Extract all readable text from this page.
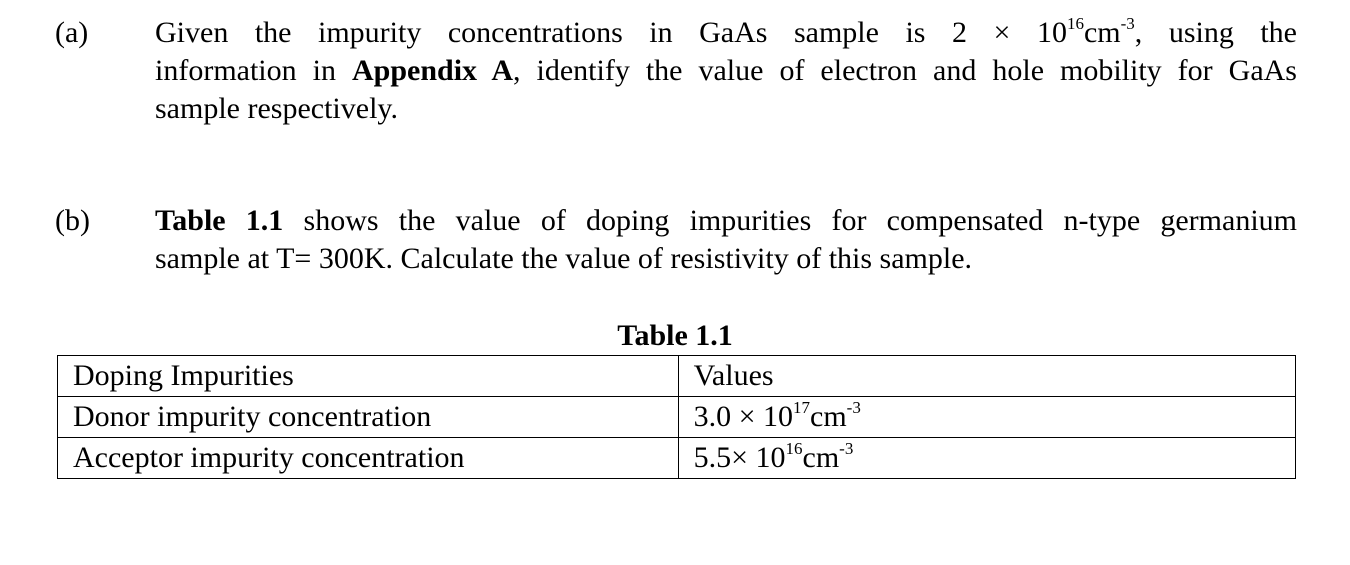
(a) Given the impurity concentrations in GaAs sample is $2 \times 10^{16}cm^{-3}$, using the
information in Appendix A, identify the value of electron and hole mobility for GaAs
sample respectively.
(b) Table 1.1 shows the value of doping impurities for compensated n-type germanium
sample at T= 300K. Calculate the value of resistivity of this sample.
Table 1.1
Doping Impurities	Values
Donor impurity concentration	$3.0 \times 10^{17}cm^{-3}$
Acceptor impurity concentration	$5.5\times 10^{16}cm^{-3}$
